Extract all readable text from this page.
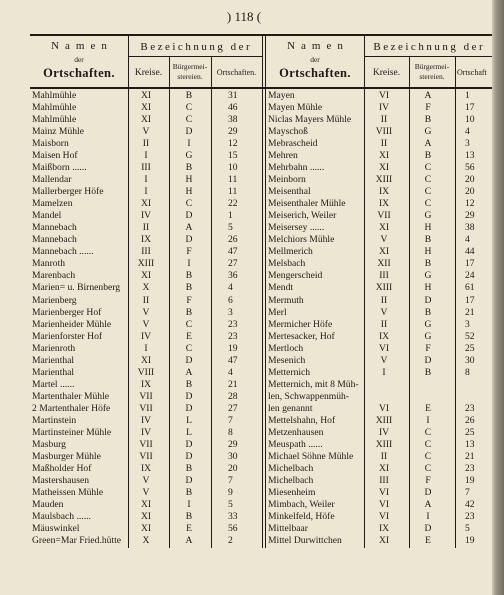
) 118 (
Namen
der
Ortschaften.
Bezeichnung der
Kreise.
Bürgermei-
stereien.	Ortschaften.
Namen
der
Ortschaften.
Bezeichnung der
Kreise.
Bürgermei-
stereien.	Ortschaft
Mahlmühle	XI	B	31
Mahlmühle	XI	C	46
Mahlmühle	XI	C	38
Mainz Mühle	V	D	29
Maisborn	II	I	12
Maisen Hof	I	G	15
Maißborn ......	III	B	10
Mallendar	I	H	11
Mallerberger Höfe	I	H	11
Mamelzen	XI	C	22
Mandel	IV	D	1
Mannebach	II	A	5
Mannebach	IX	D	26
Mannebach ......	III	F	47
Manroth	XIII	I	27
Marenbach	XI	B	36
Marien= u. Birnenberg	X	B	4
Marienberg	II	F	6
Marienberger Hof	V	B	3
Marienheider Mühle	V	C	23
Marienforster Hof	IV	E	23
Marienroth	I	C	19
Marienthal	XI	D	47
Marienthal	VIII	A	4
Martel ......	IX	B	21
Martenthaler Mühle	VII	D	28
2 Martenthaler Höfe	VII	D	27
Martinstein	IV	L	7
Martinsteiner Mühle	IV	L	8
Masburg	VII	D	29
Masburger Mühle	VII	D	30
Maßholder Hof	IX	B	20
Mastershausen	V	D	7
Matheissen Mühle	V	B	9
Mauden	XI	I	5
Maulsbach ......	XI	B	33
Mäuswinkel	XI	E	56
Green=Mar Fried.hütte	X	A	2
Mayen	VI	A	1
Mayen Mühle	IV	F	17
Niclas Mayers Mühle	II	B	10
Mayschoß	VIII	G	4
Mebrascheid	II	A	3
Mehren	XI	B	13
Mehrbahn ......	XI	C	56
Meinborn	XIII	C	20
Meisenthal	IX	C	20
Meisenthaler Mühle	IX	C	12
Meiserich, Weiler	VII	G	29
Meisersey ......	XI	H	38
Melchiors Mühle	V	B	4
Mellmerich	XI	H	44
Melsbach	XII	B	17
Mengerscheid	III	G	24
Mendt	XIII	H	61
Mermuth	II	D	17
Merl	V	B	21
Mermicher Höfe	II	G	3
Mertesacker, Hof	IX	G	52
Mertloch	VI	F	25
Mesenich	V	D	30
Metternich	I	B	8
Metternich, mit 8 Müh-
len, Schwappenmüh-
len genannt	VI	E	23
Mettelshahn, Hof	XIII	I	26
Metzenhausen	IV	C	25
Meuspath ......	XIII	C	13
Michael Söhne Mühle	II	C	21
Michelbach	XI	C	23
Michelbach	III	F	19
Miesenheim	VI	D	7
Mimbach, Weiler	VI	A	42
Minkelfeld, Höfe	VI	I	23
Mittelbaar	IX	D	5
Mittel Durwittchen	XI	E	19
